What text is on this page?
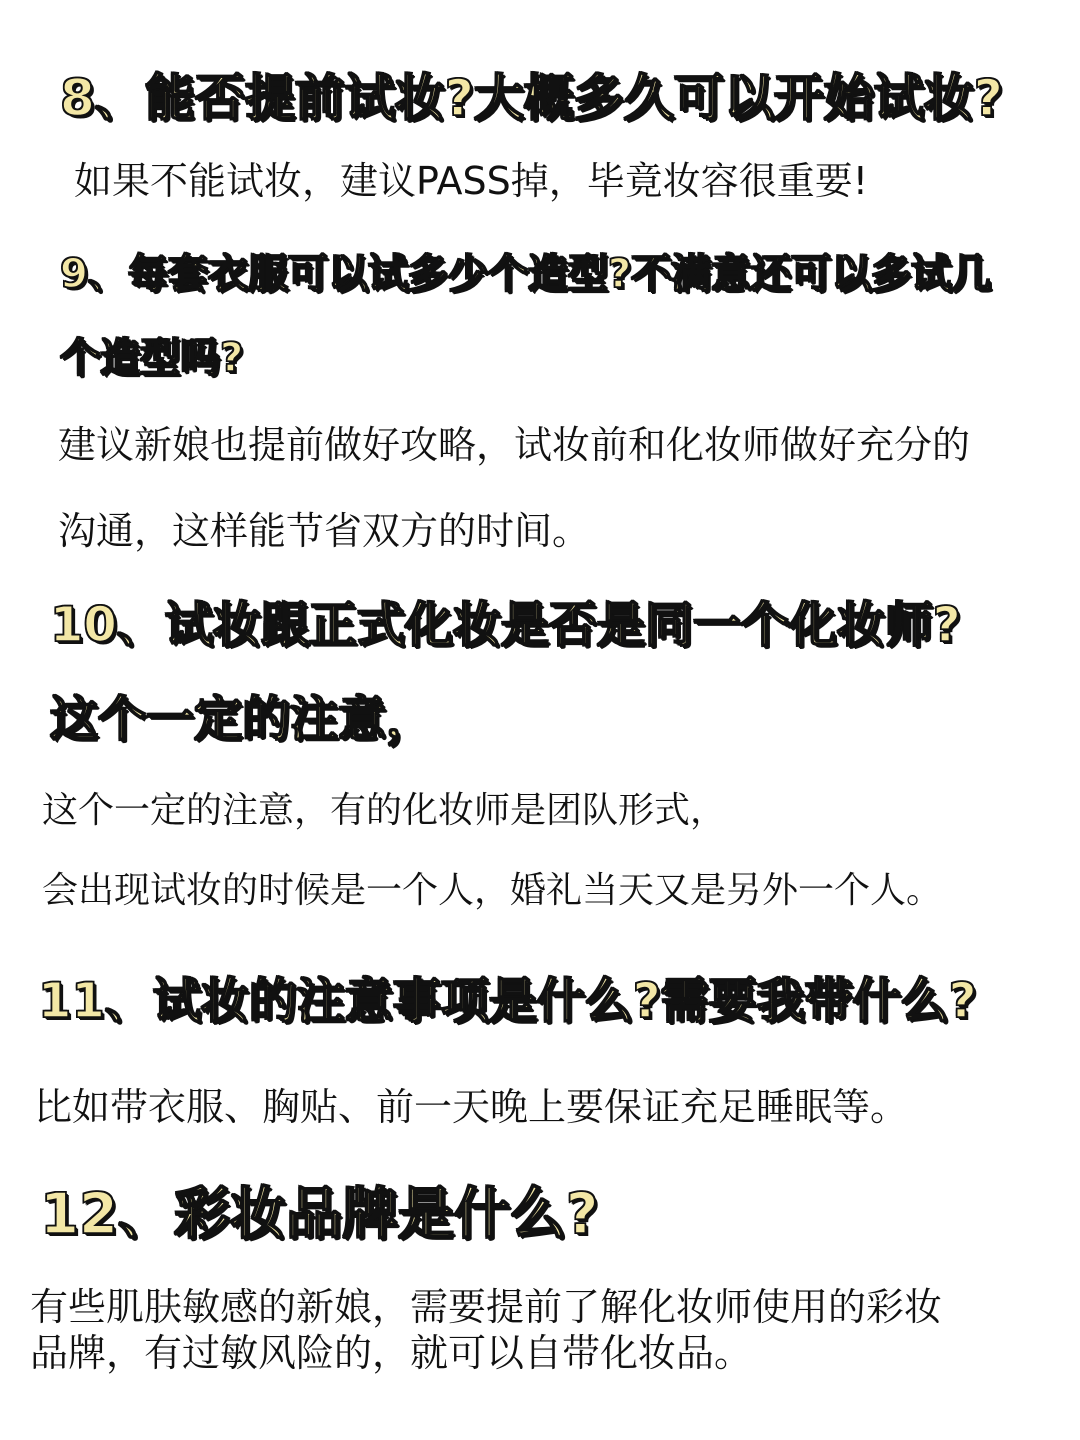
8、能否提前试妆?大概多久可以开始试妆?

如果不能试妆，建议PASS掉，毕竟妆容很重要!

9、每套衣服可以试多少个造型?不满意还可以多试几
个造型吗?

建议新娘也提前做好攻略，试妆前和化妆师做好充分的

沟通，这样能节省双方的时间。

10、试妆跟正式化妆是否是同一个化妆师?
这个一定的注意，

这个一定的注意，有的化妆师是团队形式，

会出现试妆的时候是一个人，婚礼当天又是另外一个人。

11、试妆的注意事项是什么?需要我带什么?

比如带衣服、胸贴、前一天晚上要保证充足睡眠等。

12、彩妆品牌是什么?

有些肌肤敏感的新娘，需要提前了解化妆师使用的彩妆

品牌，有过敏风险的，就可以自带化妆品。
